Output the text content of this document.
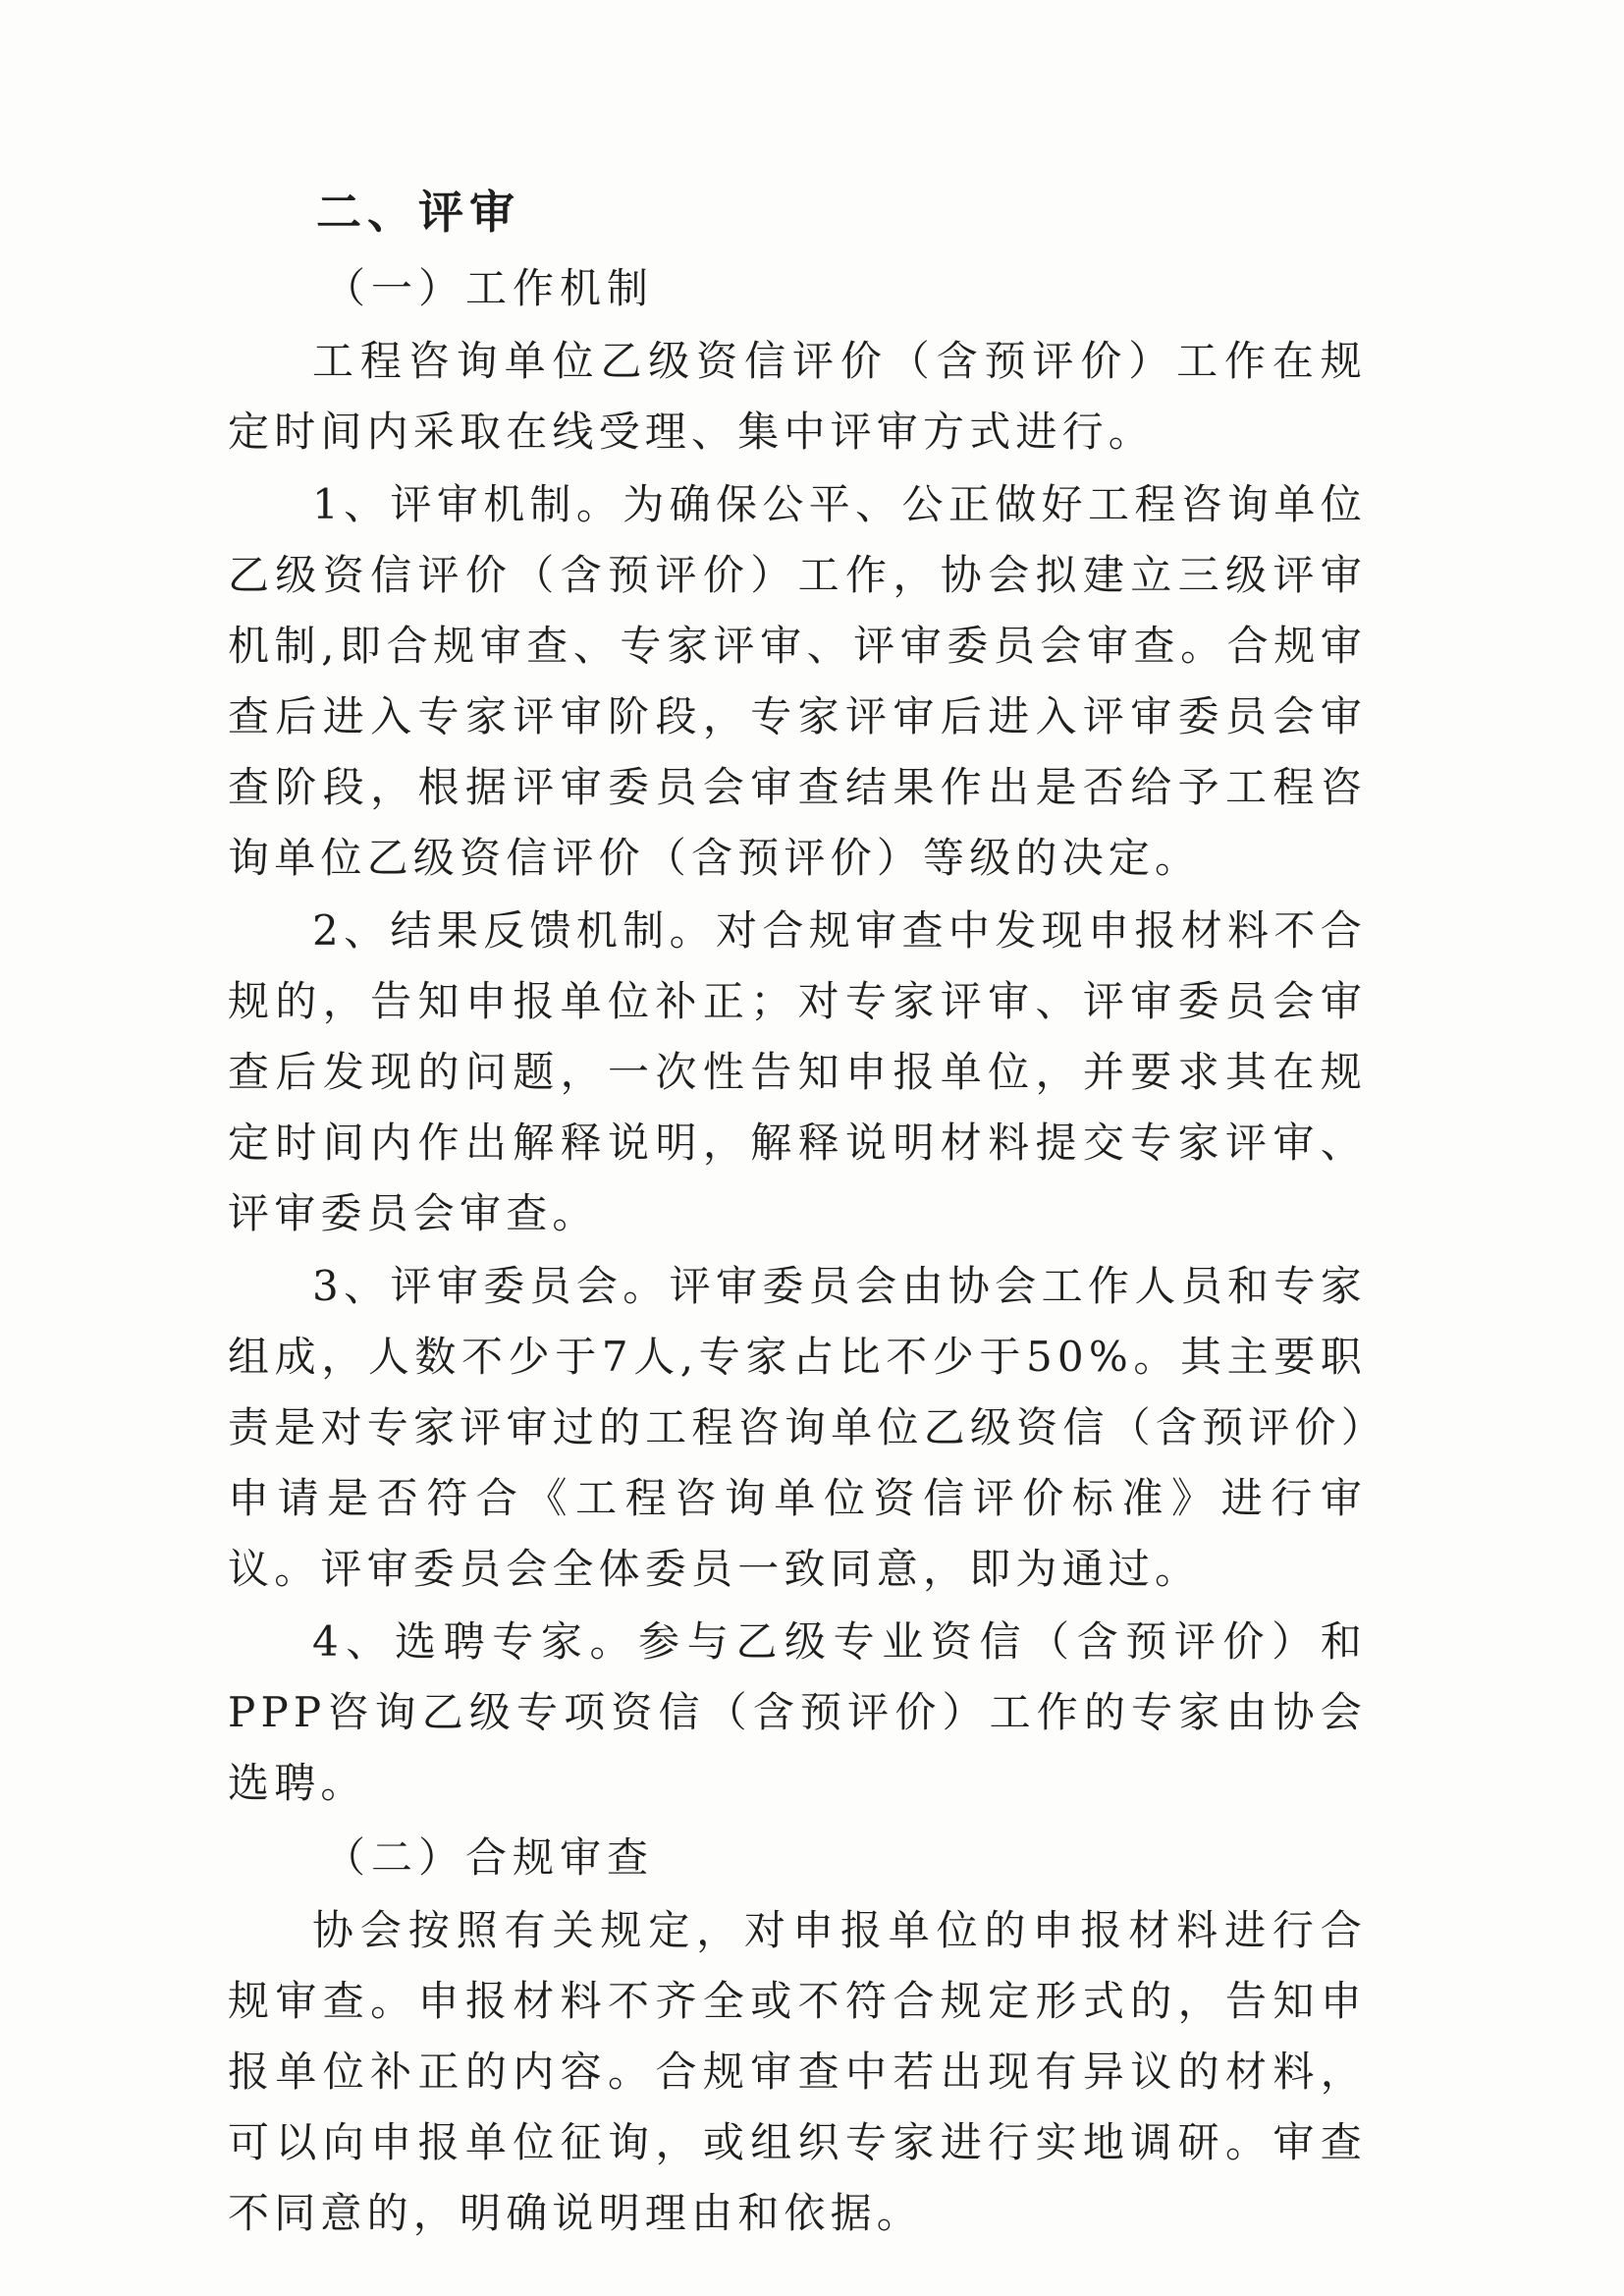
二、评审
（一）工作机制

工程咨询单位乙级资信评价（含预评价）工作在规定时间内采取在线受理、集中评审方式进行。

1、评审机制。为确保公平、公正做好工程咨询单位乙级资信评价（含预评价）工作，协会拟建立三级评审机制,即合规审查、专家评审、评审委员会审查。合规审查后进入专家评审阶段，专家评审后进入评审委员会审查阶段，根据评审委员会审查结果作出是否给予工程咨询单位乙级资信评价（含预评价）等级的决定。

2、结果反馈机制。对合规审查中发现申报材料不合规的，告知申报单位补正；对专家评审、评审委员会审查后发现的问题，一次性告知申报单位，并要求其在规定时间内作出解释说明，解释说明材料提交专家评审、评审委员会审查。

3、评审委员会。评审委员会由协会工作人员和专家组成，人数不少于7人,专家占比不少于50%。其主要职责是对专家评审过的工程咨询单位乙级资信（含预评价）申请是否符合《工程咨询单位资信评价标准》进行审议。评审委员会全体委员一致同意，即为通过。

4、选聘专家。参与乙级专业资信（含预评价）和PPP咨询乙级专项资信（含预评价）工作的专家由协会选聘。

（二）合规审查

协会按照有关规定，对申报单位的申报材料进行合规审查。申报材料不齐全或不符合规定形式的，告知申报单位补正的内容。合规审查中若出现有异议的材料，可以向申报单位征询，或组织专家进行实地调研。审查不同意的，明确说明理由和依据。
